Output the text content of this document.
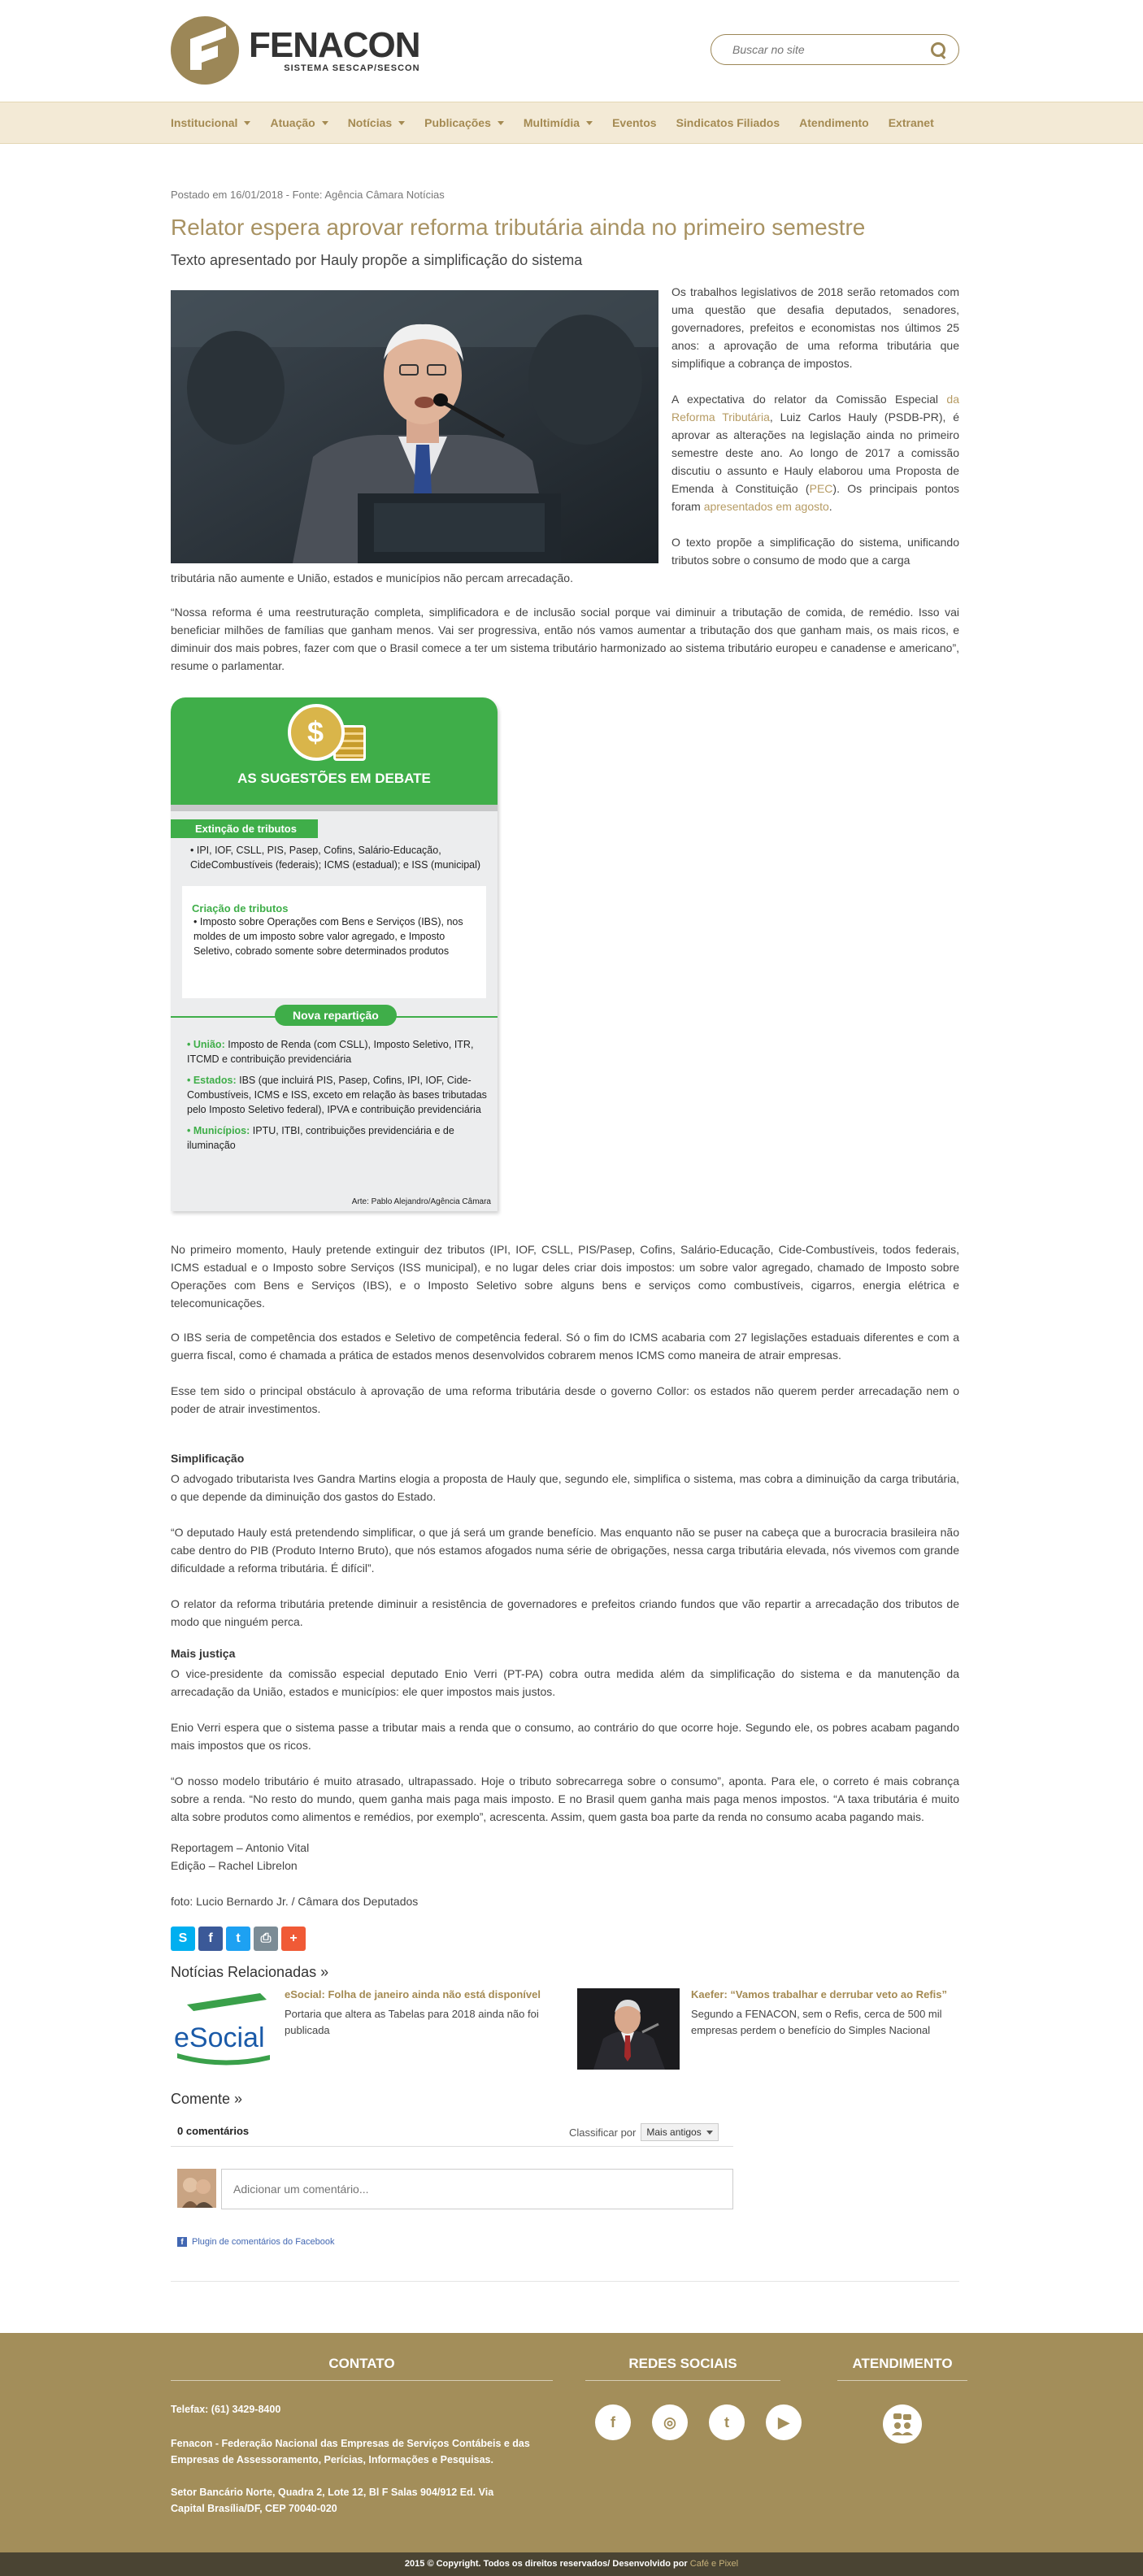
FENACON
SISTEMA SESCAP/SESCON
Buscar no site
Institucional	Atuação	Notícias	Publicações	Multimídia	Eventos Sindicatos Filiados Atendimento Extranet
Postado em 16/01/2018 - Fonte: Agência Câmara Notícias
Relator espera aprovar reforma tributária ainda no primeiro semestre
Texto apresentado por Hauly propõe a simplificação do sistema

Os trabalhos legislativos de 2018 serão retomados com uma questão que desafia deputados, senadores, governadores, prefeitos e economistas nos últimos 25 anos: a aprovação de uma reforma tributária que simplifique a cobrança de impostos.

A expectativa do relator da Comissão Especial da Reforma Tributária, Luiz Carlos Hauly (PSDB-PR), é aprovar as alterações na legislação ainda no primeiro semestre deste ano. Ao longo de 2017 a comissão discutiu o assunto e Hauly elaborou uma Proposta de Emenda à Constituição (PEC). Os principais pontos foram apresentados em agosto.

O texto propõe a simplificação do sistema, unificando tributos sobre o consumo de modo que a carga

tributária não aumente e União, estados e municípios não percam arrecadação.

“Nossa reforma é uma reestruturação completa, simplificadora e de inclusão social porque vai diminuir a tributação de comida, de remédio. Isso vai beneficiar milhões de famílias que ganham menos. Vai ser progressiva, então nós vamos aumentar a tributação dos que ganham mais, os mais ricos, e diminuir dos mais pobres, fazer com que o Brasil comece a ter um sistema tributário harmonizado ao sistema tributário europeu e canadense e americano”, resume o parlamentar.

$
AS SUGESTÕES EM DEBATE
Extinção de tributos
• IPI, IOF, CSLL, PIS, Pasep, Cofins, Salário-Educação, CideCombustíveis (federais); ICMS (estadual); e ISS (municipal)
Criação de tributos
• Imposto sobre Operações com Bens e Serviços (IBS), nos moldes de um imposto sobre valor agregado, e Imposto Seletivo, cobrado somente sobre determinados produtos
Nova repartição

• União: Imposto de Renda (com CSLL), Imposto Seletivo, ITR, ITCMD e contribuição previdenciária

• Estados: IBS (que incluirá PIS, Pasep, Cofins, IPI, IOF, Cide-Combustíveis, ICMS e ISS, exceto em relação às bases tributadas pelo Imposto Seletivo federal), IPVA e contribuição previdenciária

• Municípios: IPTU, ITBI, contribuições previdenciária e de iluminação

Arte: Pablo Alejandro/Agência Câmara

No primeiro momento, Hauly pretende extinguir dez tributos (IPI, IOF, CSLL, PIS/Pasep, Cofins, Salário-Educação, Cide-Combustíveis, todos federais, ICMS estadual e o Imposto sobre Serviços (ISS municipal), e no lugar deles criar dois impostos: um sobre valor agregado, chamado de Imposto sobre Operações com Bens e Serviços (IBS), e o Imposto Seletivo sobre alguns bens e serviços como combustíveis, cigarros, energia elétrica e telecomunicações.

O IBS seria de competência dos estados e Seletivo de competência federal. Só o fim do ICMS acabaria com 27 legislações estaduais diferentes e com a guerra fiscal, como é chamada a prática de estados menos desenvolvidos cobrarem menos ICMS como maneira de atrair empresas.

Esse tem sido o principal obstáculo à aprovação de uma reforma tributária desde o governo Collor: os estados não querem perder arrecadação nem o poder de atrair investimentos.

Simplificação

O advogado tributarista Ives Gandra Martins elogia a proposta de Hauly que, segundo ele, simplifica o sistema, mas cobra a diminuição da carga tributária, o que depende da diminuição dos gastos do Estado.

“O deputado Hauly está pretendendo simplificar, o que já será um grande benefício. Mas enquanto não se puser na cabeça que a burocracia brasileira não cabe dentro do PIB (Produto Interno Bruto), que nós estamos afogados numa série de obrigações, nessa carga tributária elevada, nós vivemos com grande dificuldade a reforma tributária. É difícil”.

O relator da reforma tributária pretende diminuir a resistência de governadores e prefeitos criando fundos que vão repartir a arrecadação dos tributos de modo que ninguém perca.

Mais justiça

O vice-presidente da comissão especial deputado Enio Verri (PT-PA) cobra outra medida além da simplificação do sistema e da manutenção da arrecadação da União, estados e municípios: ele quer impostos mais justos.

Enio Verri espera que o sistema passe a tributar mais a renda que o consumo, ao contrário do que ocorre hoje. Segundo ele, os pobres acabam pagando mais impostos que os ricos.

“O nosso modelo tributário é muito atrasado, ultrapassado. Hoje o tributo sobrecarrega sobre o consumo”, aponta. Para ele, o correto é mais cobrança sobre a renda. “No resto do mundo, quem ganha mais paga mais imposto. E no Brasil quem ganha mais paga menos impostos. “A taxa tributária é muito alta sobre produtos como alimentos e remédios, por exemplo”, acrescenta. Assim, quem gasta boa parte da renda no consumo acaba pagando mais.

Reportagem – Antonio Vital

Edição – Rachel Librelon

foto: Lucio Bernardo Jr. / Câmara dos Deputados

S	f	t	⎙	+
Notícias Relacionadas »
eSocial
eSocial: Folha de janeiro ainda não está disponível
Portaria que altera as Tabelas para 2018 ainda não foi publicada
Kaefer: “Vamos trabalhar e derrubar veto ao Refis”
Segundo a FENACON, sem o Refis, cerca de 500 mil empresas perdem o benefício do Simples Nacional
Comente »
0 comentários	Classificar por Mais antigos
Adicionar um comentário...
f Plugin de comentários do Facebook
CONTATO	REDES SOCIAIS	ATENDIMENTO
Telefax: (61) 3429-8400
Fenacon - Federação Nacional das Empresas de Serviços Contábeis e das
Empresas de Assessoramento, Perícias, Informações e Pesquisas.
Setor Bancário Norte, Quadra 2, Lote 12, Bl F Salas 904/912 Ed. Via
Capital Brasília/DF, CEP 70040-020
f	◎	t	▶
2015 © Copyright. Todos os direitos reservados/ Desenvolvido por Café e Pixel
